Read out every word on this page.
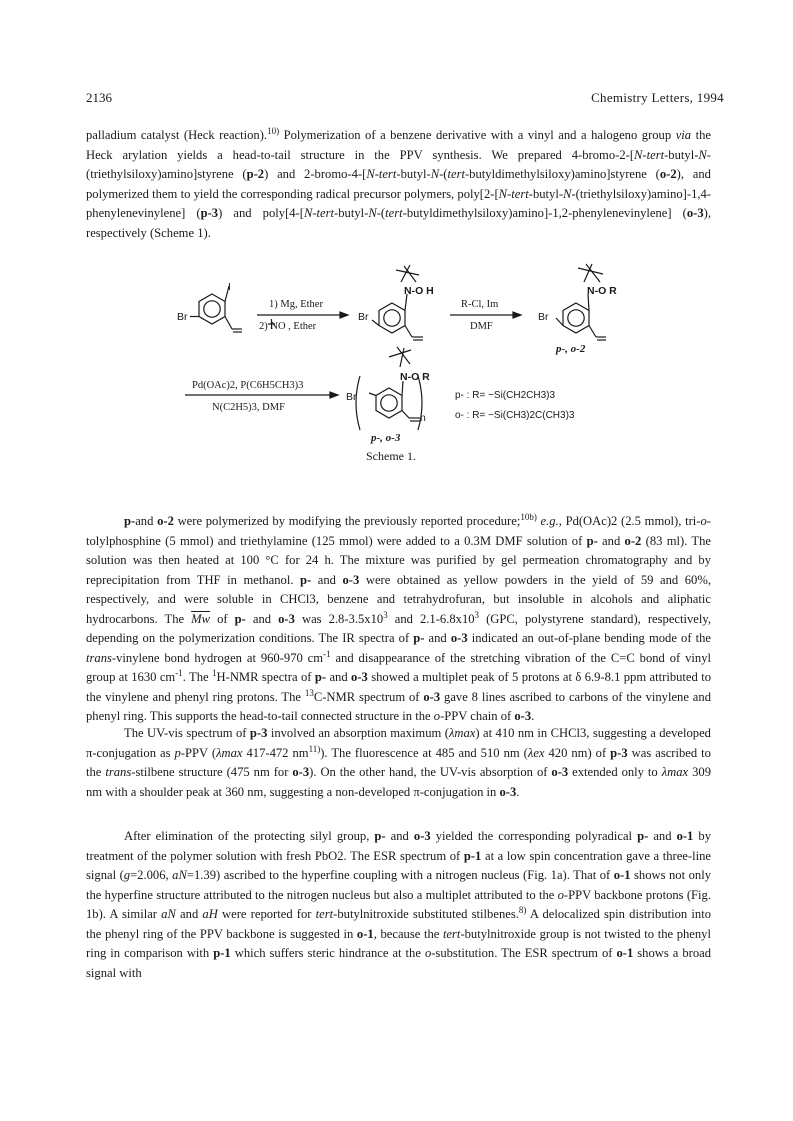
2136	Chemistry Letters, 1994
palladium catalyst (Heck reaction).$^{10)}$ Polymerization of a benzene derivative with a vinyl and a halogeno group via the Heck arylation yields a head-to-tail structure in the PPV synthesis. We prepared 4-bromo-2-[N-tert-butyl-N-(triethylsiloxy)amino]styrene (p-2) and 2-bromo-4-[N-tert-butyl-N-(tert-butyldimethylsiloxy)amino]styrene (o-2), and polymerized them to yield the corresponding radical precursor polymers, poly[2-[N-tert-butyl-N-(triethylsiloxy)amino]-1,4-phenylenevinylene] (p-3) and poly[4-[N-tert-butyl-N-(tert-butyldimethylsiloxy)amino]-1,2-phenylenevinylene] (o-3), respectively (Scheme 1).
Br
I
1) Mg, Ether
2) NO , Ether
Br
N-O H
R-Cl, Im
DMF
Br
N-O R
p-, o-2
Pd(OAc)2, P(C6H5CH3)3
N(C2H5)3, DMF
Br
N-O R
n
p-, o-3
p- : R= −Si(CH2CH3)3
o- : R= −Si(CH3)2C(CH3)3
Scheme 1.
p-and o-2 were polymerized by modifying the previously reported procedure;$^{10b)}$ e.g., Pd(OAc)2 (2.5 mmol), tri-o-tolylphosphine (5 mmol) and triethylamine (125 mmol) were added to a 0.3M DMF solution of p- and o-2 (83 ml). The solution was then heated at 100 °C for 24 h. The mixture was purified by gel permeation chromatography and by reprecipitation from THF in methanol. p- and o-3 were obtained as yellow powders in the yield of 59 and 60%, respectively, and were soluble in CHCl3, benzene and tetrahydrofuran, but insoluble in alcohols and aliphatic hydrocarbons. The $\overline{Mw}$ of p- and o-3 was $2.8-3.5x10^3$ and $2.1-6.8x10^3$ (GPC, polystyrene standard), respectively, depending on the polymerization conditions. The IR spectra of p- and o-3 indicated an out-of-plane bending mode of the trans-vinylene bond hydrogen at 960-970 $cm^{-1}$ and disappearance of the stretching vibration of the C=C bond of vinyl group at 1630 $cm^{-1}$. The $^1$H-NMR spectra of p- and o-3 showed a multiplet peak of 5 protons at δ 6.9-8.1 ppm attributed to the vinylene and phenyl ring protons. The $^{13}$C-NMR spectrum of o-3 gave 8 lines ascribed to carbons of the vinylene and phenyl ring. This supports the head-to-tail connected structure in the o-PPV chain of o-3.
The UV-vis spectrum of p-3 involved an absorption maximum (λmax) at 410 nm in CHCl3, suggesting a developed π-conjugation as p-PPV (λmax 417-472 $nm^{11)}$). The fluorescence at 485 and 510 nm (λex 420 nm) of p-3 was ascribed to the trans-stilbene structure (475 nm for o-3). On the other hand, the UV-vis absorption of o-3 extended only to λmax 309 nm with a shoulder peak at 360 nm, suggesting a non-developed π-conjugation in o-3.
After elimination of the protecting silyl group, p- and o-3 yielded the corresponding polyradical p- and o-1 by treatment of the polymer solution with fresh PbO2. The ESR spectrum of p-1 at a low spin concentration gave a three-line signal (g=2.006, aN=1.39) ascribed to the hyperfine coupling with a nitrogen nucleus (Fig. 1a). That of o-1 shows not only the hyperfine structure attributed to the nitrogen nucleus but also a multiplet attributed to the o-PPV backbone protons (Fig. 1b). A similar aN and aH were reported for tert-butylnitroxide substituted stilbenes.$^{8)}$ A delocalized spin distribution into the phenyl ring of the PPV backbone is suggested in o-1, because the tert-butylnitroxide group is not twisted to the phenyl ring in comparison with p-1 which suffers steric hindrance at the o-substitution. The ESR spectrum of o-1 shows a broad signal with
